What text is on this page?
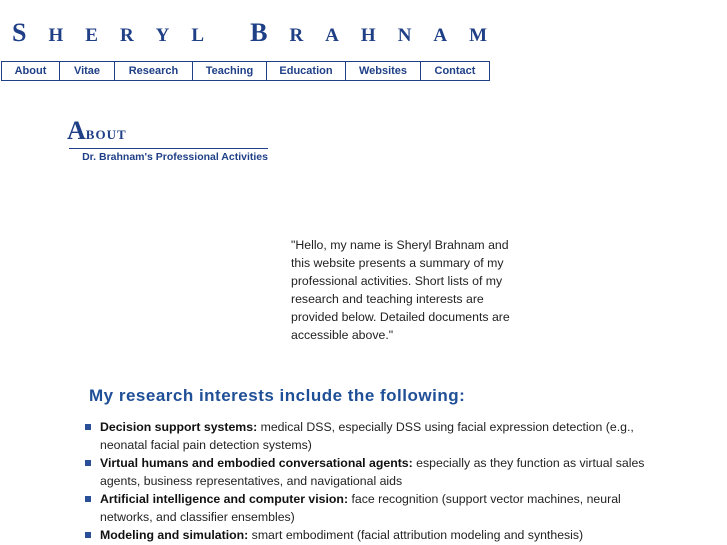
S H E R Y L B R A H N A M
About	Vitae	Research	Teaching	Education	Websites	Contact
ABOUT
Dr. Brahnam's Professional Activities
"Hello, my name is Sheryl Brahnam and this website presents a summary of my professional activities. Short lists of my research and teaching interests are provided below. Detailed documents are accessible above."
My research interests include the following:
Decision support systems: medical DSS, especially DSS using facial expression detection (e.g., neonatal facial pain detection systems)
Virtual humans and embodied conversational agents: especially as they function as virtual sales agents, business representatives, and navigational aids
Artificial intelligence and computer vision: face recognition (support vector machines, neural networks, and classifier ensembles)
Modeling and simulation: smart embodiment (facial attribution modeling and synthesis)
